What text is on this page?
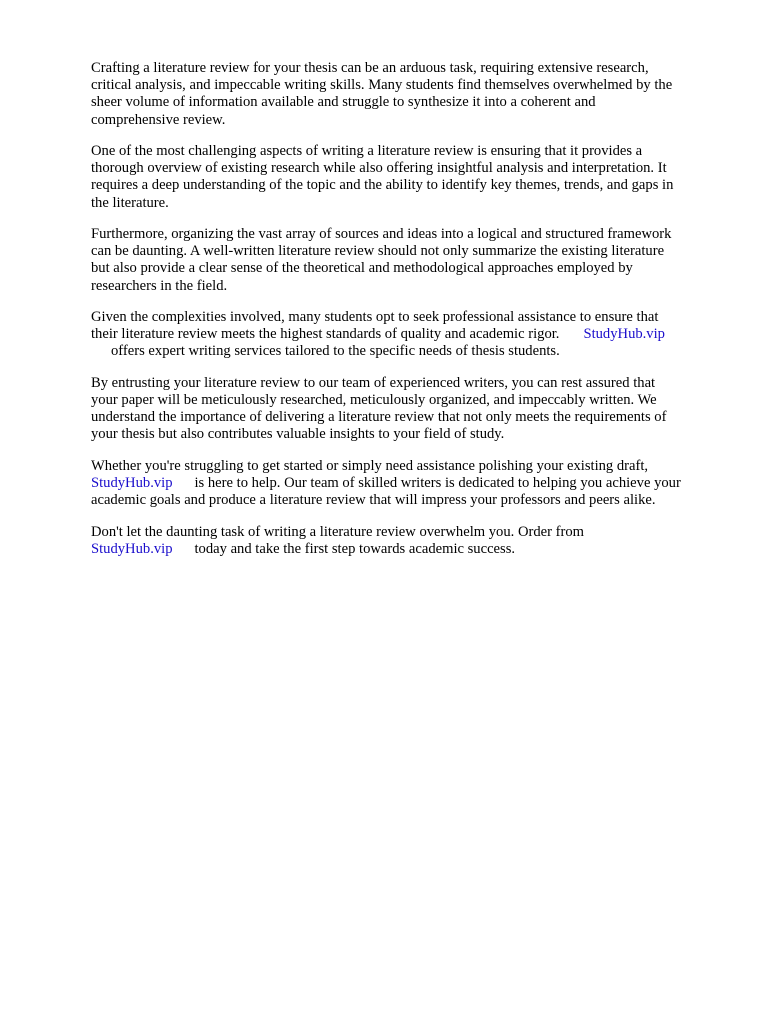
Crafting a literature review for your thesis can be an arduous task, requiring extensive research,
critical analysis, and impeccable writing skills. Many students find themselves overwhelmed by the
sheer volume of information available and struggle to synthesize it into a coherent and
comprehensive review.
One of the most challenging aspects of writing a literature review is ensuring that it provides a
thorough overview of existing research while also offering insightful analysis and interpretation. It
requires a deep understanding of the topic and the ability to identify key themes, trends, and gaps in
the literature.
Furthermore, organizing the vast array of sources and ideas into a logical and structured framework
can be daunting. A well-written literature review should not only summarize the existing literature
but also provide a clear sense of the theoretical and methodological approaches employed by
researchers in the field.
Given the complexities involved, many students opt to seek professional assistance to ensure that
their literature review meets the highest standards of quality and academic rigor. StudyHub.vip
offers expert writing services tailored to the specific needs of thesis students.
By entrusting your literature review to our team of experienced writers, you can rest assured that
your paper will be meticulously researched, meticulously organized, and impeccably written. We
understand the importance of delivering a literature review that not only meets the requirements of
your thesis but also contributes valuable insights to your field of study.
Whether you're struggling to get started or simply need assistance polishing your existing draft,
StudyHub.vip is here to help. Our team of skilled writers is dedicated to helping you achieve your
academic goals and produce a literature review that will impress your professors and peers alike.
Don't let the daunting task of writing a literature review overwhelm you. Order from
StudyHub.vip today and take the first step towards academic success.
